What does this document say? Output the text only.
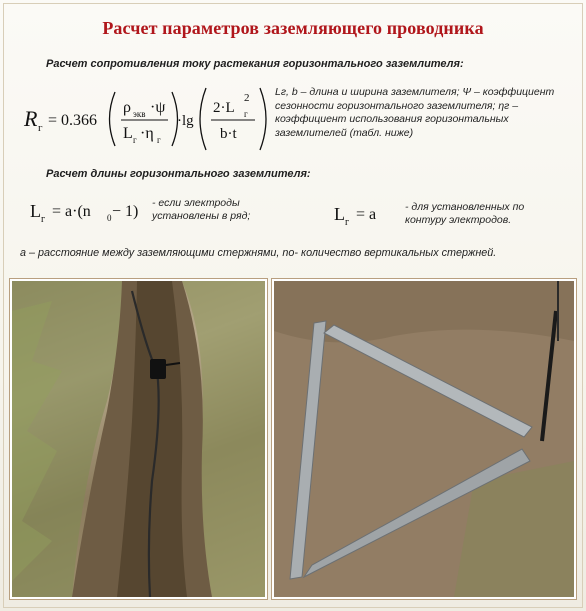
Расчет параметров заземляющего проводника
Расчет сопротивления току растекания горизонтального заземлителя:
R г = 0.366
ρ экв ·ψ
L г ·η г
·lg
2·L г
2
b·t
Lг, b – длина и ширина заземлителя; Ψ – коэффициент сезонности горизонтального заземлителя; ηг – коэффициент использования горизонтальных заземлителей (табл. ниже)
Расчет длины горизонтального заземлителя:
L г = a·(n 0 − 1) - если электроды установлены в ряд;	L г = a	- для установленных по контуру электродов.
a – расстояние между заземляющими стержнями, nо- количество вертикальных стержней.
